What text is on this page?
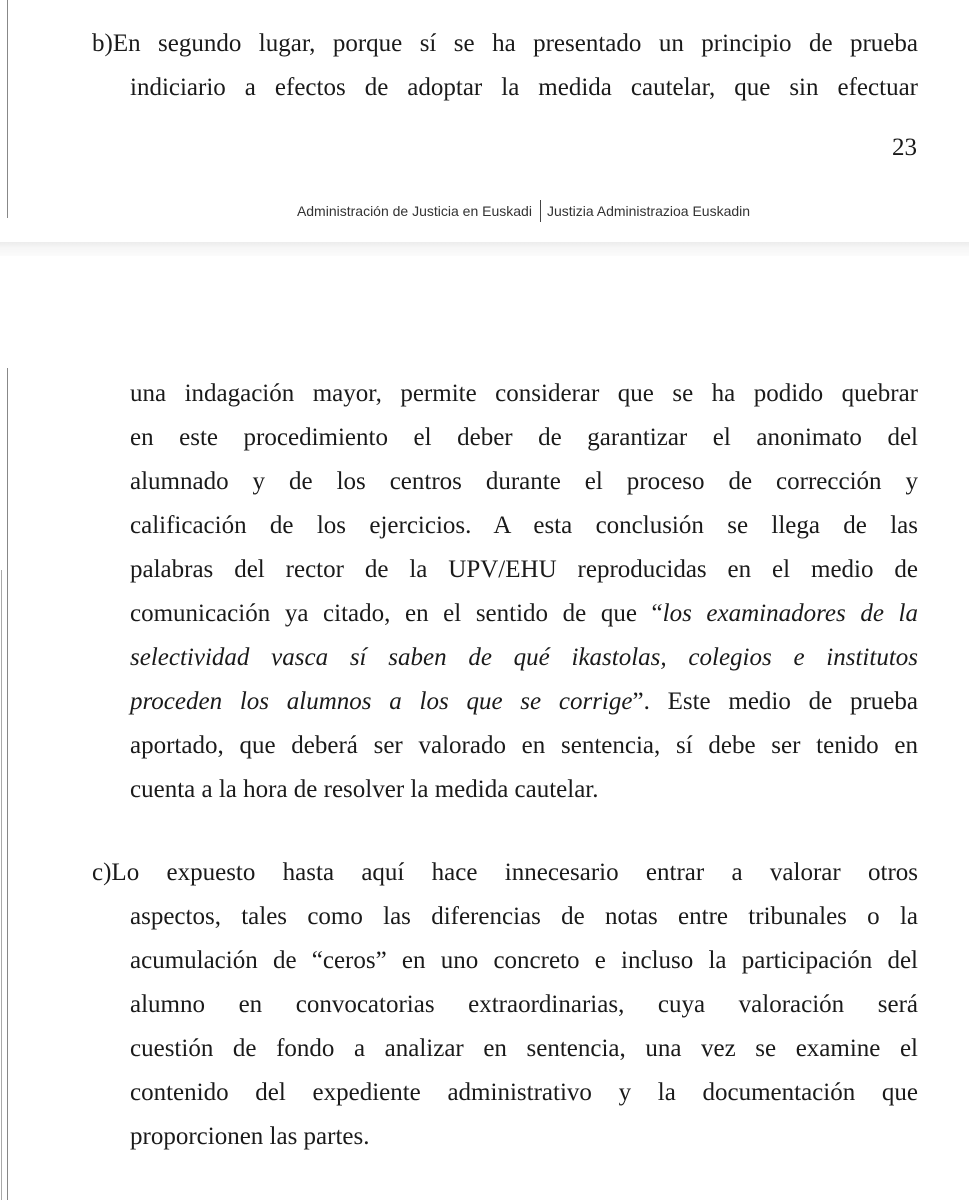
b)En segundo lugar, porque sí se ha presentado un principio de prueba
indiciario a efectos de adoptar la medida cautelar, que sin efectuar
23
Administración de Justicia en Euskadi Justizia Administrazioa Euskadin
una indagación mayor, permite considerar que se ha podido quebrar
en este procedimiento el deber de garantizar el anonimato del
alumnado y de los centros durante el proceso de corrección y
calificación de los ejercicios. A esta conclusión se llega de las
palabras del rector de la UPV/EHU reproducidas en el medio de
comunicación ya citado, en el sentido de que “los examinadores de la
selectividad vasca sí saben de qué ikastolas, colegios e institutos
proceden los alumnos a los que se corrige”. Este medio de prueba
aportado, que deberá ser valorado en sentencia, sí debe ser tenido en
cuenta a la hora de resolver la medida cautelar.
c)Lo expuesto hasta aquí hace innecesario entrar a valorar otros
aspectos, tales como las diferencias de notas entre tribunales o la
acumulación de “ceros” en uno concreto e incluso la participación del
alumno en convocatorias extraordinarias, cuya valoración será
cuestión de fondo a analizar en sentencia, una vez se examine el
contenido del expediente administrativo y la documentación que
proporcionen las partes.
